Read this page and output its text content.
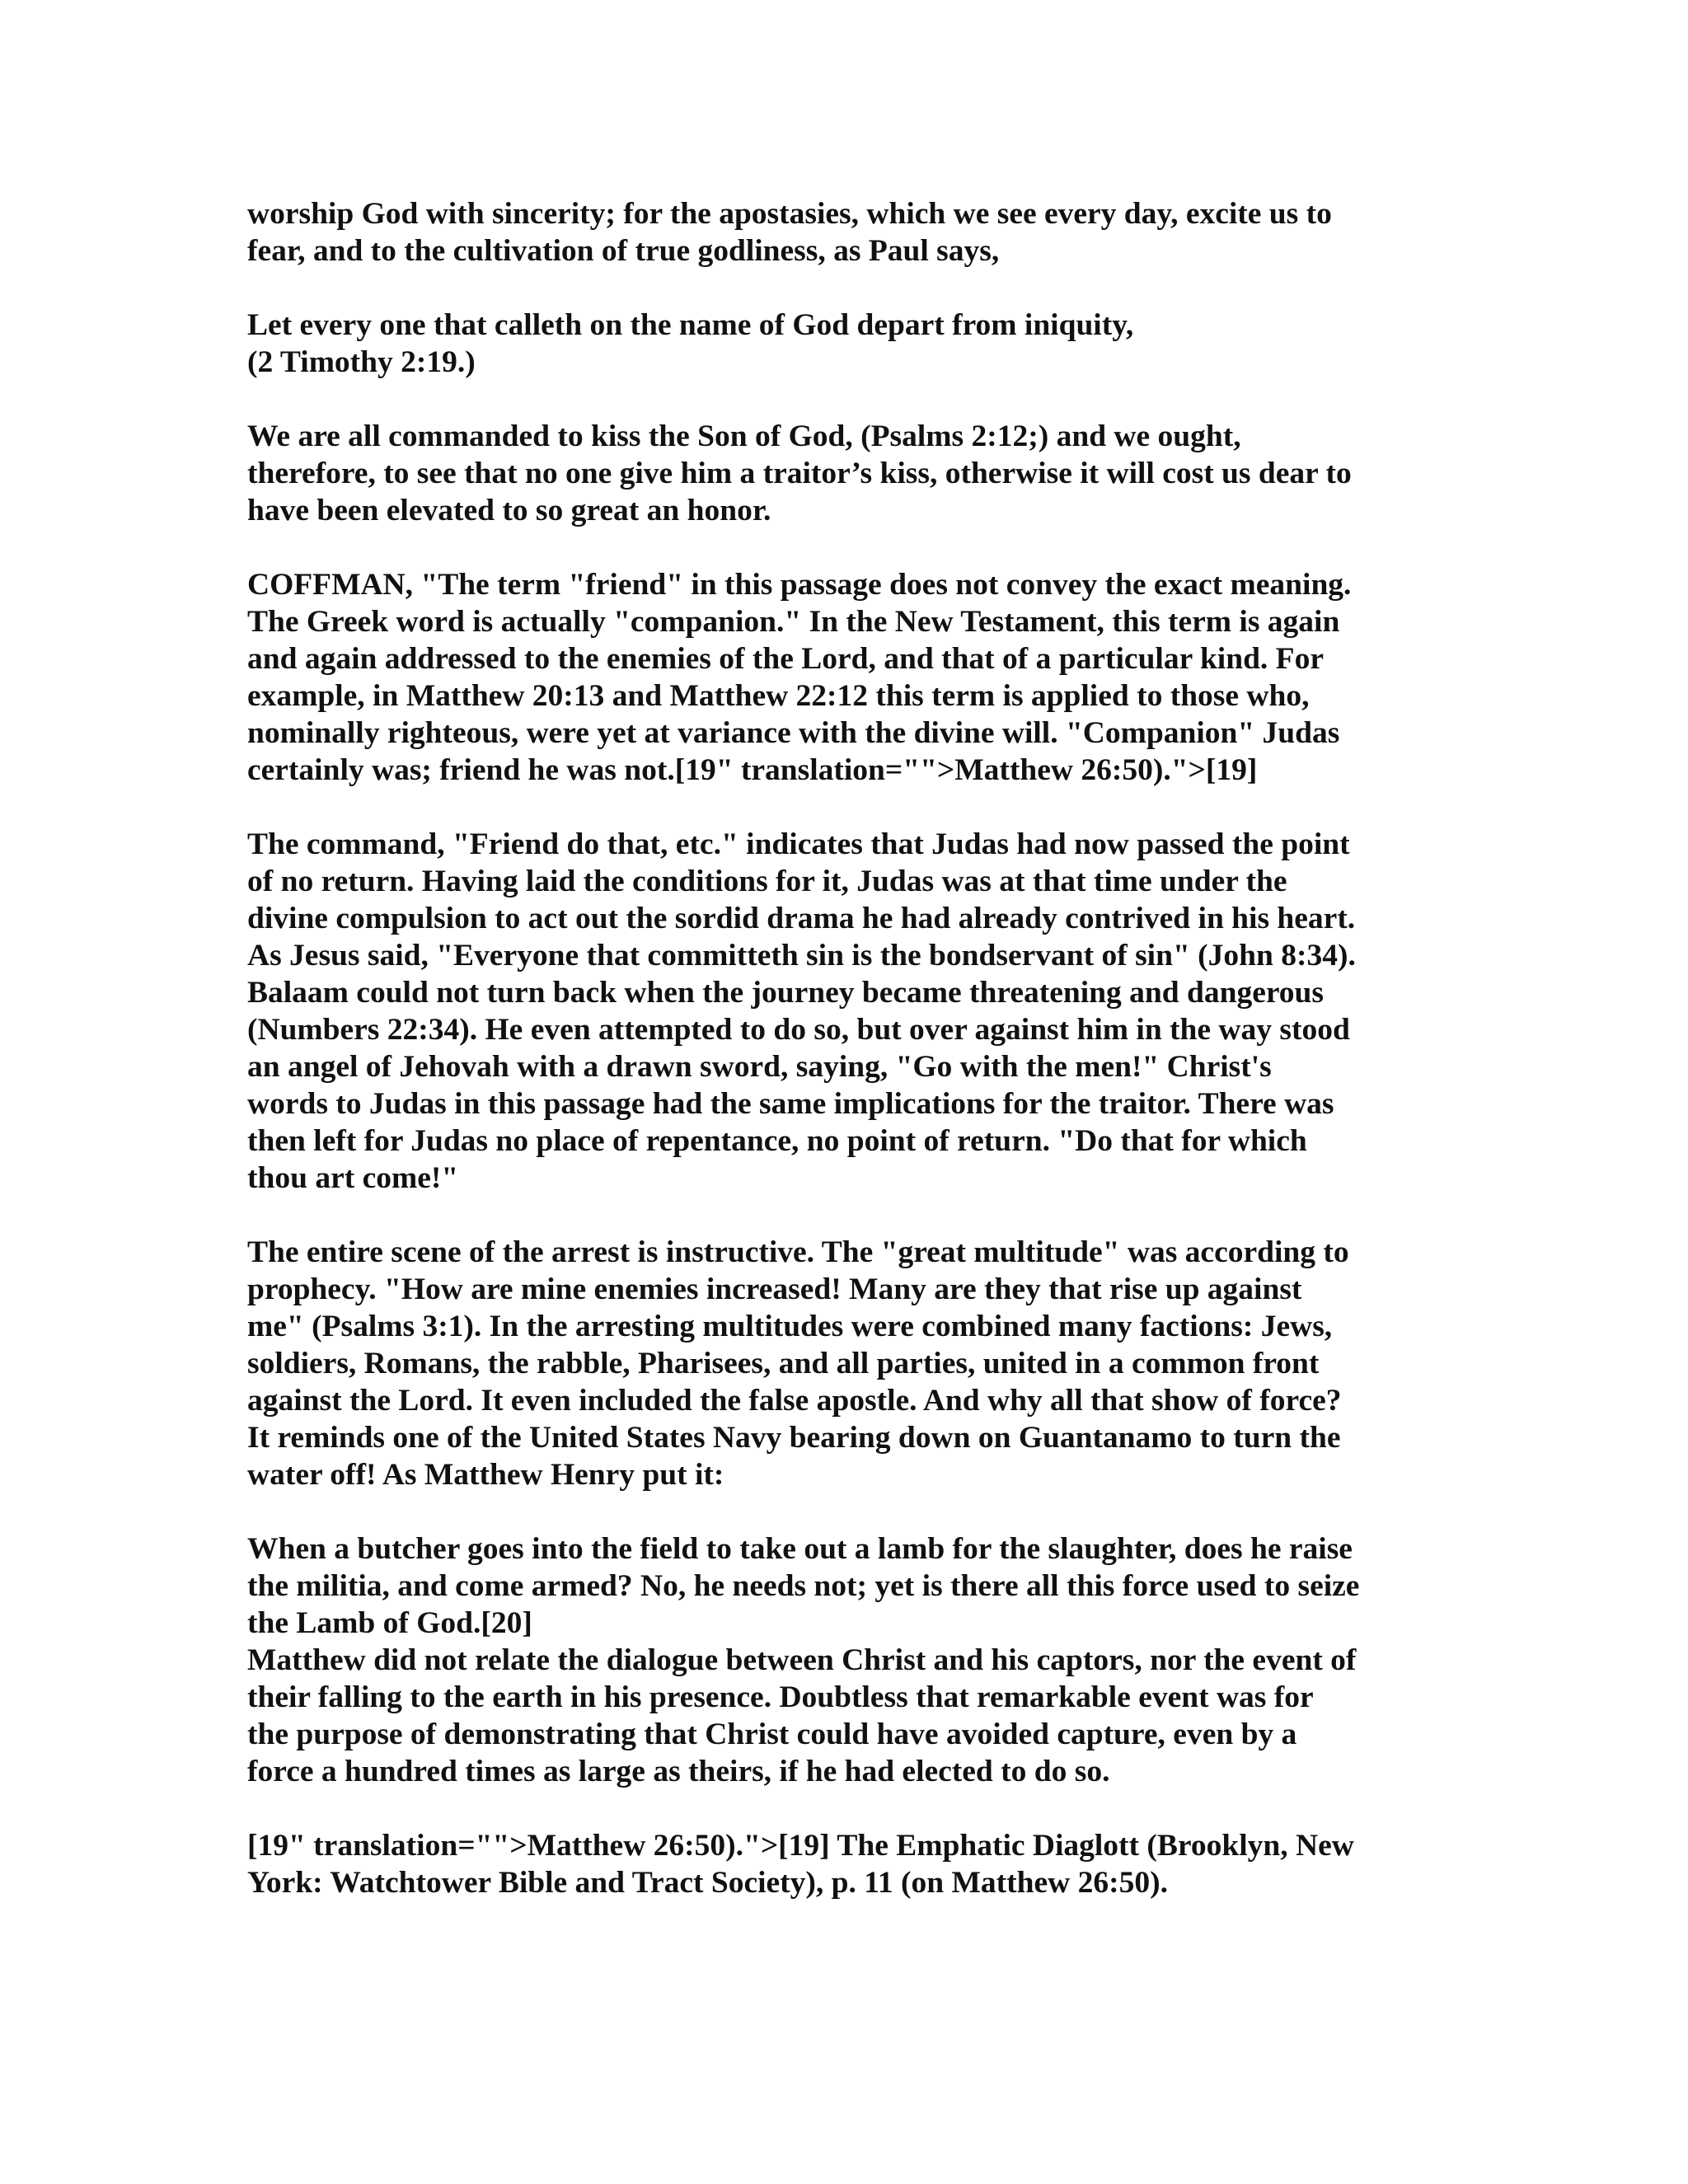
worship God with sincerity; for the apostasies, which we see every day, excite us to
fear, and to the cultivation of true godliness, as Paul says,
Let every one that calleth on the name of God depart from iniquity,
(2 Timothy 2:19.)
We are all commanded to kiss the Son of God, (Psalms 2:12;) and we ought,
therefore, to see that no one give him a traitor’s kiss, otherwise it will cost us dear to
have been elevated to so great an honor.
COFFMAN, "The term "friend" in this passage does not convey the exact meaning.
The Greek word is actually "companion." In the New Testament, this term is again
and again addressed to the enemies of the Lord, and that of a particular kind. For
example, in Matthew 20:13 and Matthew 22:12 this term is applied to those who,
nominally righteous, were yet at variance with the divine will. "Companion" Judas
certainly was; friend he was not.[19" translation="">Matthew 26:50).">[19]
The command, "Friend do that, etc." indicates that Judas had now passed the point
of no return. Having laid the conditions for it, Judas was at that time under the
divine compulsion to act out the sordid drama he had already contrived in his heart.
As Jesus said, "Everyone that committeth sin is the bondservant of sin" (John 8:34).
Balaam could not turn back when the journey became threatening and dangerous
(Numbers 22:34). He even attempted to do so, but over against him in the way stood
an angel of Jehovah with a drawn sword, saying, "Go with the men!" Christ's
words to Judas in this passage had the same implications for the traitor. There was
then left for Judas no place of repentance, no point of return. "Do that for which
thou art come!"
The entire scene of the arrest is instructive. The "great multitude" was according to
prophecy. "How are mine enemies increased! Many are they that rise up against
me" (Psalms 3:1). In the arresting multitudes were combined many factions: Jews,
soldiers, Romans, the rabble, Pharisees, and all parties, united in a common front
against the Lord. It even included the false apostle. And why all that show of force?
It reminds one of the United States Navy bearing down on Guantanamo to turn the
water off! As Matthew Henry put it:
When a butcher goes into the field to take out a lamb for the slaughter, does he raise
the militia, and come armed? No, he needs not; yet is there all this force used to seize
the Lamb of God.[20]
Matthew did not relate the dialogue between Christ and his captors, nor the event of
their falling to the earth in his presence. Doubtless that remarkable event was for
the purpose of demonstrating that Christ could have avoided capture, even by a
force a hundred times as large as theirs, if he had elected to do so.
[19" translation="">Matthew 26:50).">[19] The Emphatic Diaglott (Brooklyn, New
York: Watchtower Bible and Tract Society), p. 11 (on Matthew 26:50).
